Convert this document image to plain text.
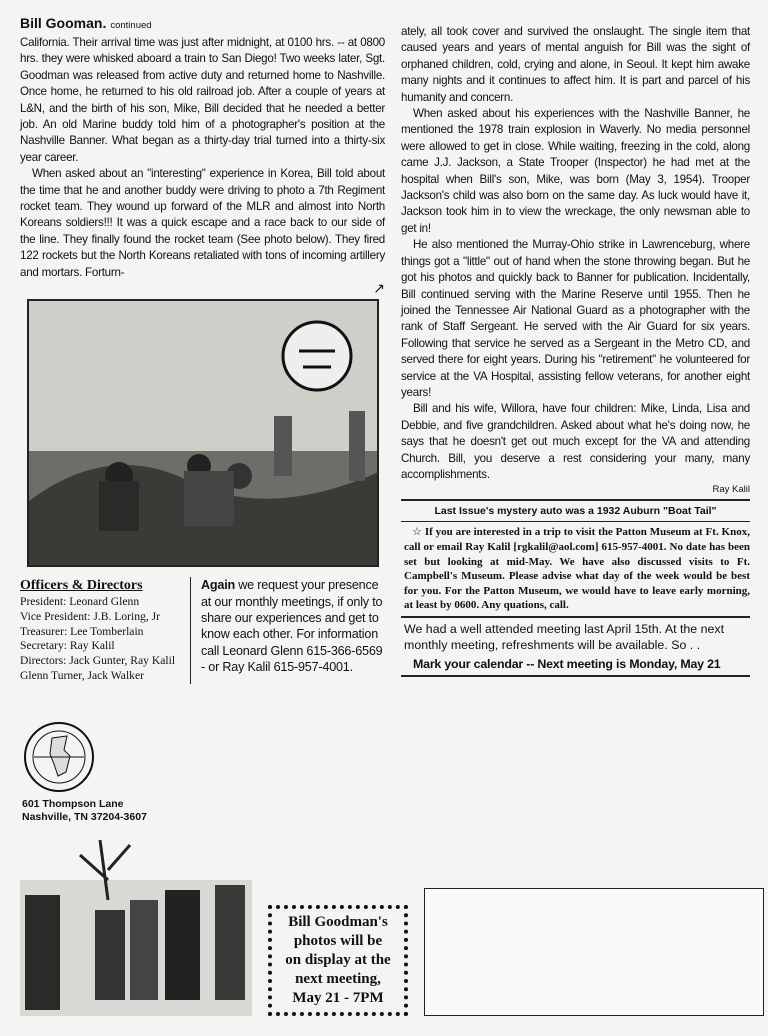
Bill Gooman. continued

California. Their arrival time was just after midnight, at 0100 hrs. -- at 0800 hrs. they were whisked aboard a train to San Diego! Two weeks later, Sgt. Goodman was released from active duty and returned home to Nashville. Once home, he returned to his old railroad job. After a couple of years at L&N, and the birth of his son, Mike, Bill decided that he needed a better job. An old Marine buddy told him of a photographer's position at the Nashville Banner. What began as a thirty-day trial turned into a thirty-six year career.

When asked about an "interesting" experience in Korea, Bill told about the time that he and another buddy were driving to photo a 7th Regiment rocket team. They wound up forward of the MLR and almost into North Koreans soldiers!!! It was a quick escape and a race back to our side of the line. They finally found the rocket team (See photo below). They fired 122 rockets but the North Koreans retaliated with tons of incoming artillery and mortars. Forturn-

↗
Officers & Directors
President: Leonard Glenn
Vice President: J.B. Loring, Jr
Treasurer: Lee Tomberlain
Secretary: Ray Kalil
Directors: Jack Gunter, Ray Kalil
Glenn Turner, Jack Walker
Again we request your presence at our monthly meetings, if only to share our experiences and get to know each other. For information call Leonard Glenn 615-366-6569 - or Ray Kalil 615-957-4001.

ately, all took cover and survived the onslaught. The single item that caused years and years of mental anguish for Bill was the sight of orphaned children, cold, crying and alone, in Seoul. It kept him awake many nights and it continues to affect him. It is part and parcel of his humanity and concern.

When asked about his experiences with the Nashville Banner, he mentioned the 1978 train explosion in Waverly. No media personnel were allowed to get in close. While waiting, freezing in the cold, along came J.J. Jackson, a State Trooper (Inspector) he had met at the hospital when Bill's son, Mike, was born (May 3, 1954). Trooper Jackson's child was also born on the same day. As luck would have it, Jackson took him in to view the wreckage, the only newsman able to get in!

He also mentioned the Murray-Ohio strike in Lawrenceburg, where things got a "little" out of hand when the stone throwing began. But he got his photos and quickly back to Banner for publication. Incidentally, Bill continued serving with the Marine Reserve until 1955. Then he joined the Tennessee Air National Guard as a photographer with the rank of Staff Sergeant. He served with the Air Guard for six years. Following that service he served as a Sergeant in the Metro CD, and served there for eight years. During his "retirement" he volunteered for service at the VA Hospital, assisting fellow veterans, for another eight years!

Bill and his wife, Willora, have four children: Mike, Linda, Lisa and Debbie, and five grandchildren. Asked about what he's doing now, he says that he doesn't get out much except for the VA and attending Church. Bill, you deserve a rest considering your many, many accomplishments.

Ray Kalil
Last Issue's mystery auto was a 1932 Auburn "Boat Tail"
☆ If you are interested in a trip to visit the Patton Museum at Ft. Knox, call or email Ray Kalil [rgkalil@aol.com] 615-957-4001. No date has been set but looking at mid-May. We have also discussed visits to Ft. Campbell's Museum. Please advise what day of the week would be best for you. For the Patton Museum, we would have to leave early morning, at least by 0600. Any quations, call.
We had a well attended meeting last April 15th. At the next monthly meeting, refreshments will be available. So . .
Mark your calendar -- Next meeting is Monday, May 21
601 Thompson Lane
Nashville, TN 37204-3607
Bill Goodman's
photos will be
on display at the
next meeting,
May 21 - 7PM
